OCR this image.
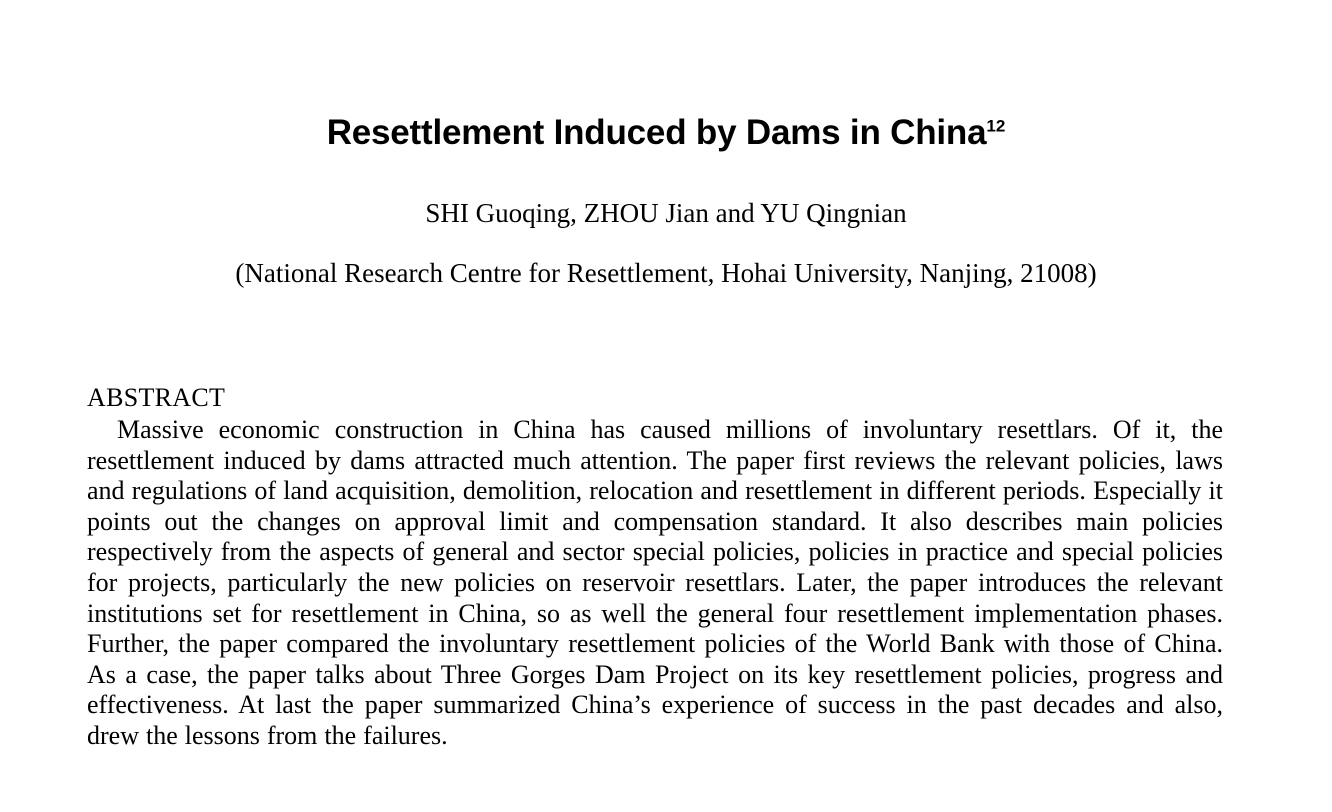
Resettlement Induced by Dams in China$^{12}$
SHI Guoqing, ZHOU Jian and YU Qingnian
(National Research Centre for Resettlement, Hohai University, Nanjing, 21008)
ABSTRACT

Massive economic construction in China has caused millions of involuntary resettlars. Of it, the resettlement induced by dams attracted much attention. The paper first reviews the relevant policies, laws and regulations of land acquisition, demolition, relocation and resettlement in different periods. Especially it points out the changes on approval limit and compensation standard. It also describes main policies respectively from the aspects of general and sector special policies, policies in practice and special policies for projects, particularly the new policies on reservoir resettlars. Later, the paper introduces the relevant institutions set for resettlement in China, so as well the general four resettlement implementation phases. Further, the paper compared the involuntary resettlement policies of the World Bank with those of China. As a case, the paper talks about Three Gorges Dam Project on its key resettlement policies, progress and effectiveness. At last the paper summarized China’s experience of success in the past decades and also, drew the lessons from the failures.
